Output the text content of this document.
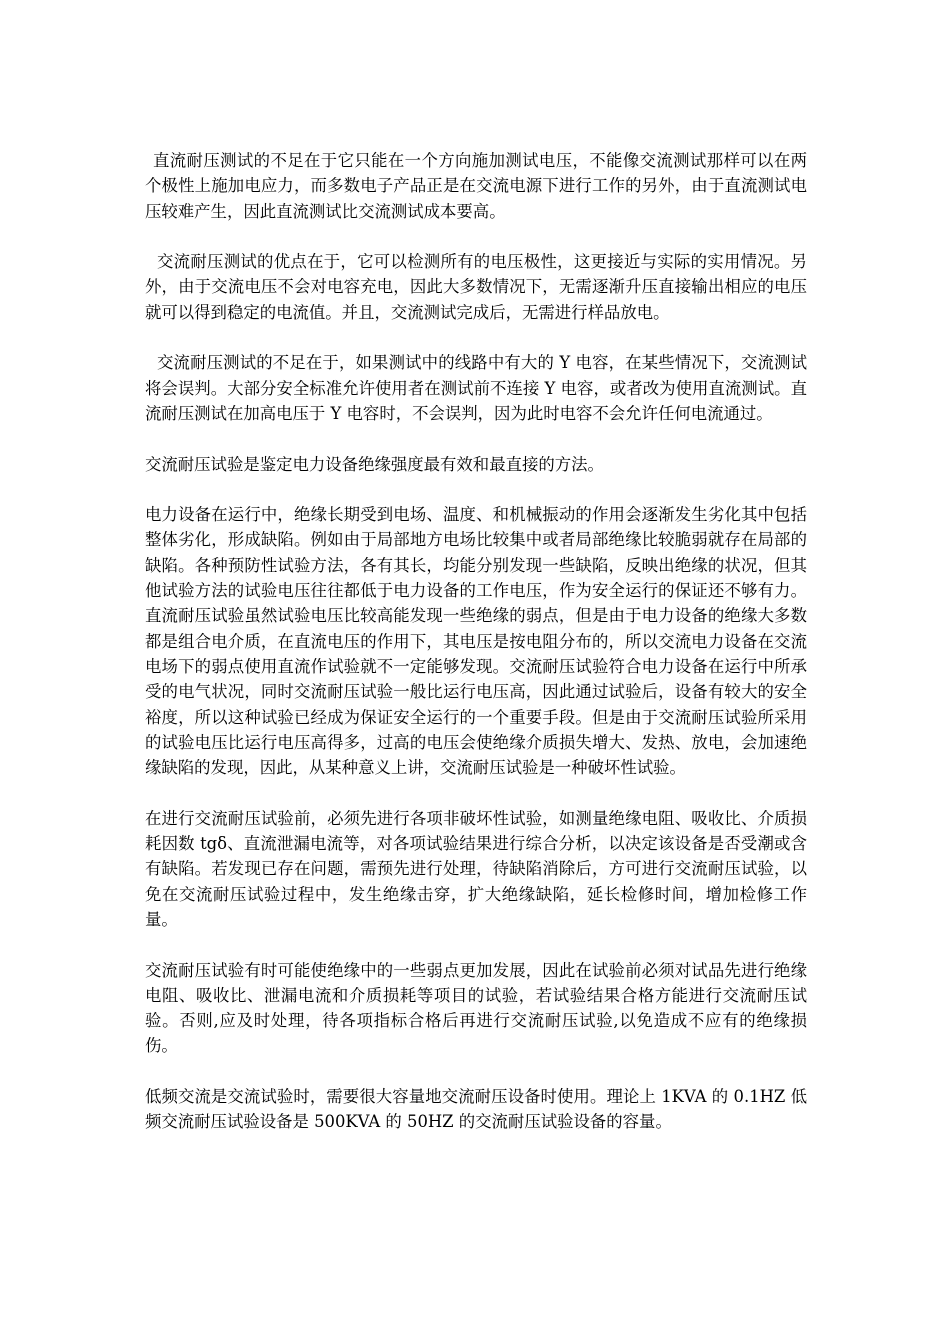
直流耐压测试的不足在于它只能在一个方向施加测试电压，不能像交流测试那样可以在两个极性上施加电应力，而多数电子产品正是在交流电源下进行工作的另外，由于直流测试电压较难产生，因此直流测试比交流测试成本要高。

交流耐压测试的优点在于，它可以检测所有的电压极性，这更接近与实际的实用情况。另外，由于交流电压不会对电容充电，因此大多数情况下，无需逐渐升压直接输出相应的电压就可以得到稳定的电流值。并且，交流测试完成后，无需进行样品放电。

交流耐压测试的不足在于，如果测试中的线路中有大的 Y 电容，在某些情况下，交流测试将会误判。大部分安全标准允许使用者在测试前不连接 Y 电容，或者改为使用直流测试。直流耐压测试在加高电压于 Y 电容时，不会误判，因为此时电容不会允许任何电流通过。

交流耐压试验是鉴定电力设备绝缘强度最有效和最直接的方法。

电力设备在运行中，绝缘长期受到电场、温度、和机械振动的作用会逐渐发生劣化其中包括整体劣化，形成缺陷。例如由于局部地方电场比较集中或者局部绝缘比较脆弱就存在局部的缺陷。各种预防性试验方法，各有其长，均能分别发现一些缺陷，反映出绝缘的状况，但其他试验方法的试验电压往往都低于电力设备的工作电压，作为安全运行的保证还不够有力。直流耐压试验虽然试验电压比较高能发现一些绝缘的弱点，但是由于电力设备的绝缘大多数都是组合电介质，在直流电压的作用下，其电压是按电阻分布的，所以交流电力设备在交流电场下的弱点使用直流作试验就不一定能够发现。交流耐压试验符合电力设备在运行中所承受的电气状况，同时交流耐压试验一般比运行电压高，因此通过试验后，设备有较大的安全裕度，所以这种试验已经成为保证安全运行的一个重要手段。但是由于交流耐压试验所采用的试验电压比运行电压高得多，过高的电压会使绝缘介质损失增大、发热、放电，会加速绝缘缺陷的发现，因此，从某种意义上讲，交流耐压试验是一种破坏性试验。

在进行交流耐压试验前，必须先进行各项非破坏性试验，如测量绝缘电阻、吸收比、介质损耗因数 tgδ、直流泄漏电流等，对各项试验结果进行综合分析，以决定该设备是否受潮或含有缺陷。若发现已存在问题，需预先进行处理，待缺陷消除后，方可进行交流耐压试验，以免在交流耐压试验过程中，发生绝缘击穿，扩大绝缘缺陷，延长检修时间，增加检修工作量。

交流耐压试验有时可能使绝缘中的一些弱点更加发展，因此在试验前必须对试品先进行绝缘电阻、吸收比、泄漏电流和介质损耗等项目的试验，若试验结果合格方能进行交流耐压试验。否则,应及时处理，待各项指标合格后再进行交流耐压试验,以免造成不应有的绝缘损伤。

低频交流是交流试验时，需要很大容量地交流耐压设备时使用。理论上 1KVA 的 0.1HZ 低频交流耐压试验设备是 500KVA 的 50HZ 的交流耐压试验设备的容量。
